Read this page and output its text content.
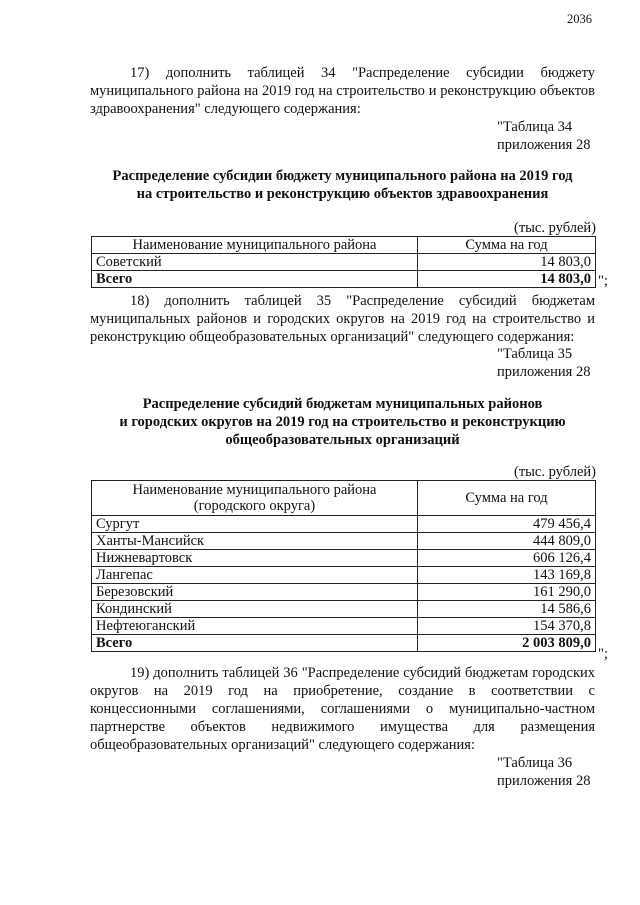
2036
17) дополнить таблицей 34 "Распределение субсидии бюджету муниципального района на 2019 год на строительство и реконструкцию объектов здравоохранения" следующего содержания:
"Таблица 34
приложения 28
Распределение субсидии бюджету муниципального района на 2019 год
на строительство и реконструкцию объектов здравоохранения
(тыс. рублей)
Наименование муниципального района	Сумма на год
Советский	14 803,0
Всего	14 803,0 ";
18) дополнить таблицей 35 "Распределение субсидий бюджетам муниципальных районов и городских округов на 2019 год на строительство и реконструкцию общеобразовательных организаций" следующего содержания:
"Таблица 35
приложения 28
Распределение субсидий бюджетам муниципальных районов
и городских округов на 2019 год на строительство и реконструкцию
общеобразовательных организаций
(тыс. рублей)
Наименование муниципального района
(городского округа)	Сумма на год
Сургут	479 456,4
Ханты-Мансийск	444 809,0
Нижневартовск	606 126,4
Лангепас	143 169,8
Березовский	161 290,0
Кондинский	14 586,6
Нефтеюганский	154 370,8
Всего	2 003 809,0
";
19) дополнить таблицей 36 "Распределение субсидий бюджетам городских округов на 2019 год на приобретение, создание в соответствии с концессионными соглашениями, соглашениями о муниципально-частном партнерстве объектов недвижимого имущества для размещения общеобразовательных организаций" следующего содержания:
"Таблица 36
приложения 28
